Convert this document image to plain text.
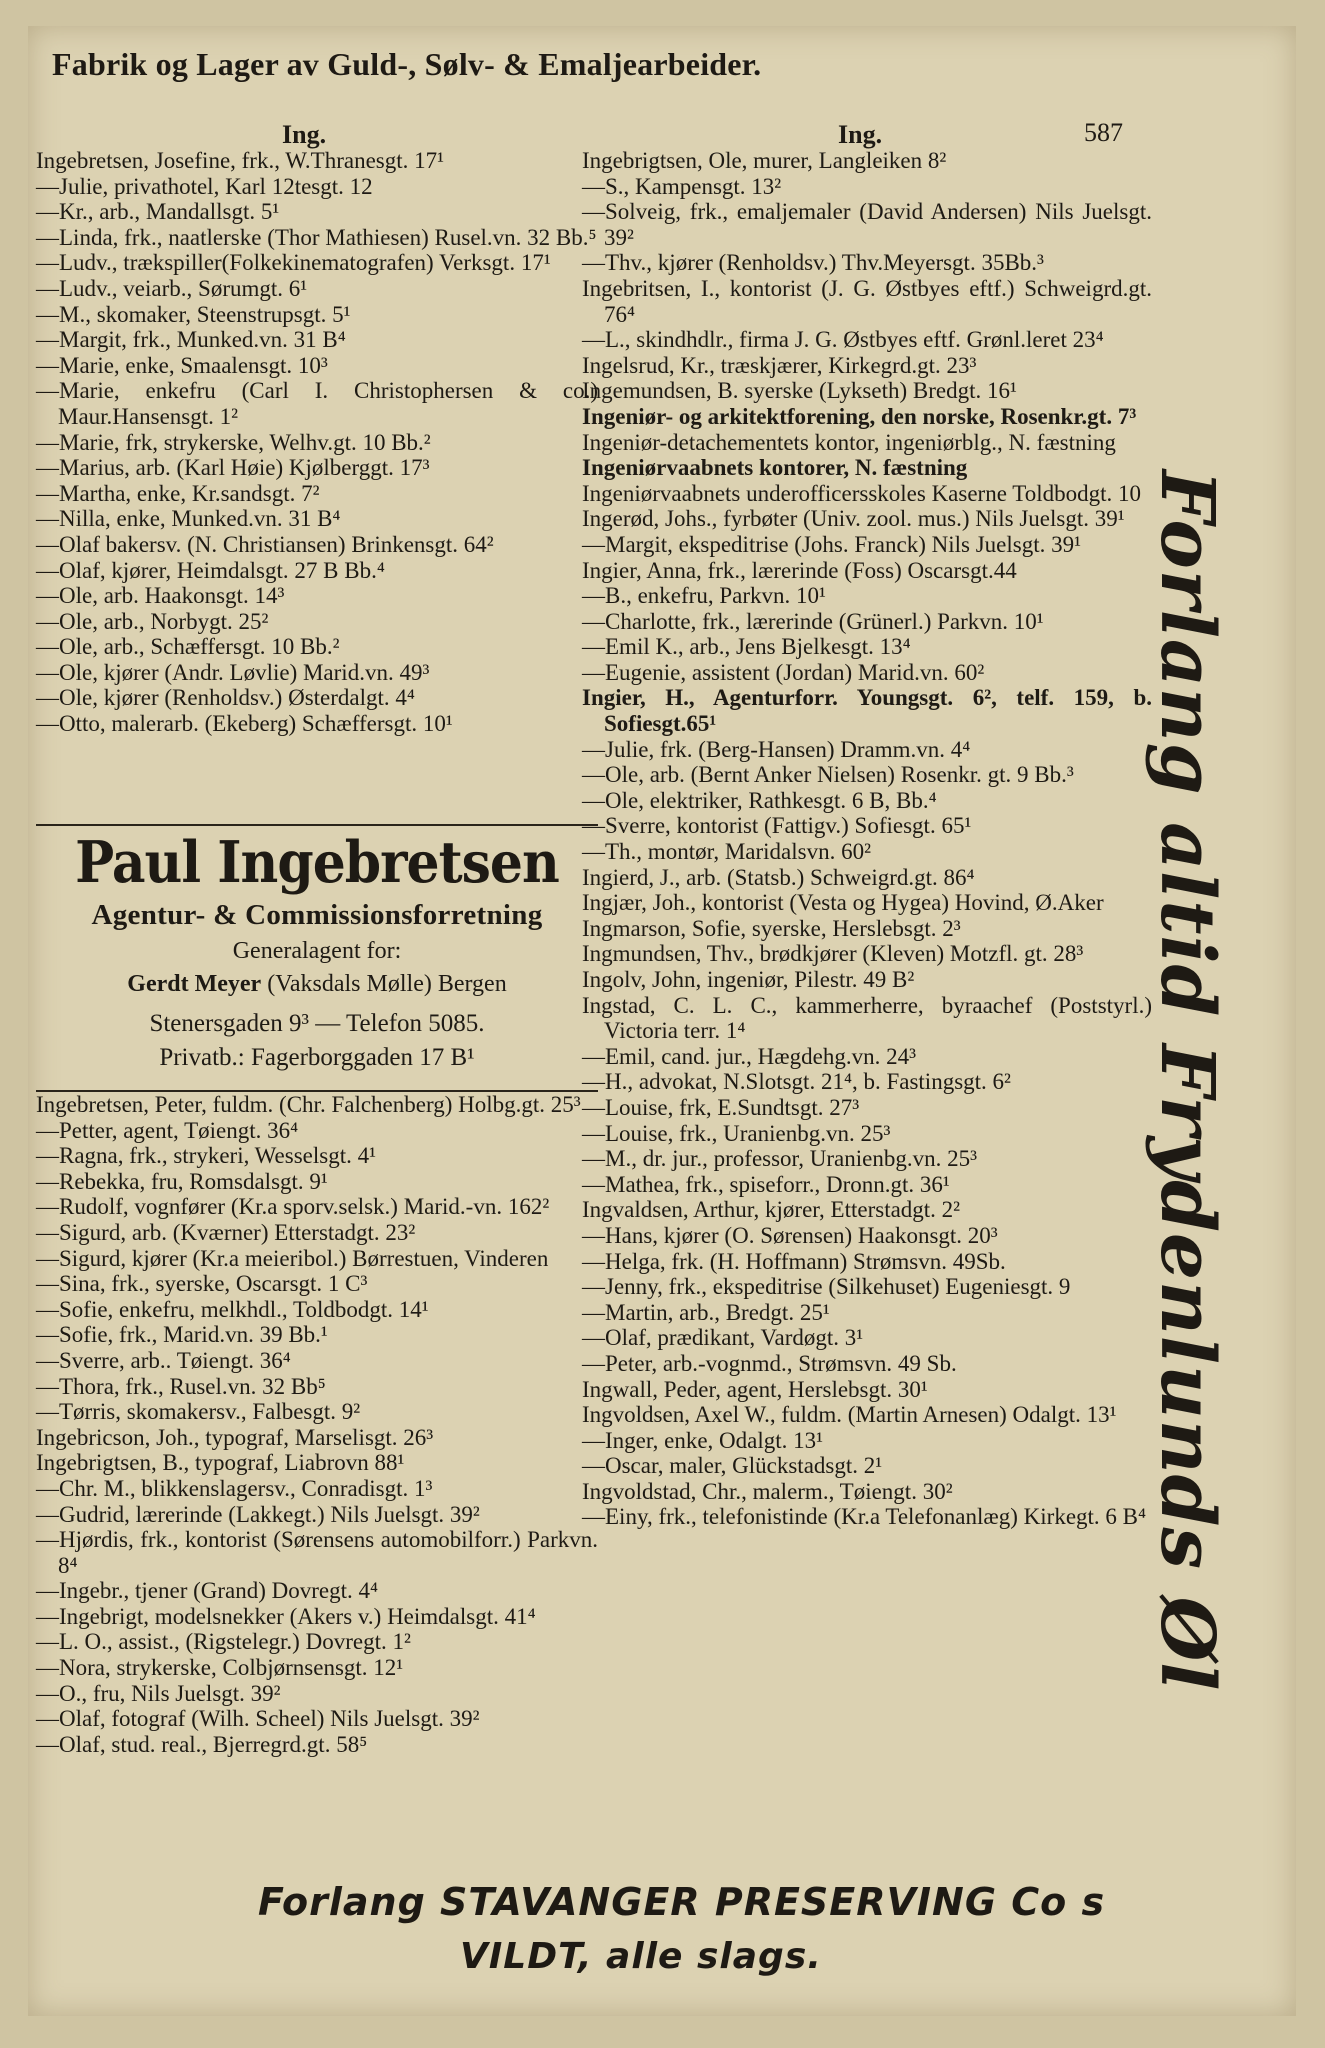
Fabrik og Lager av Guld-, Sølv- & Emaljearbeider.
Ing.	Ing.	587
Ingebretsen, Josefine, frk., W.Thranesgt. 17¹
—Julie, privathotel, Karl 12tesgt. 12
—Kr., arb., Mandallsgt. 5¹
—Linda, frk., naatlerske (Thor Mathiesen) Rusel.vn. 32 Bb.⁵
—Ludv., trækspiller(Folkekinematografen) Verksgt. 17¹
—Ludv., veiarb., Sørumgt. 6¹
—M., skomaker, Steenstrupsgt. 5¹
—Margit, frk., Munked.vn. 31 B⁴
—Marie, enke, Smaalensgt. 10³
—Marie, enkefru (Carl I. Christophersen & co.) Maur.Hansensgt. 1²
—Marie, frk, strykerske, Welhv.gt. 10 Bb.²
—Marius, arb. (Karl Høie) Kjølberggt. 17³
—Martha, enke, Kr.sandsgt. 7²
—Nilla, enke, Munked.vn. 31 B⁴
—Olaf bakersv. (N. Christiansen) Brinkensgt. 64²
—Olaf, kjører, Heimdalsgt. 27 B Bb.⁴
—Ole, arb. Haakonsgt. 14³
—Ole, arb., Norbygt. 25²
—Ole, arb., Schæffersgt. 10 Bb.²
—Ole, kjører (Andr. Løvlie) Marid.vn. 49³
—Ole, kjører (Renholdsv.) Østerdalgt. 4⁴
—Otto, malerarb. (Ekeberg) Schæffersgt. 10¹
Paul Ingebretsen
Agentur- & Commissionsforretning
Generalagent for:
Gerdt Meyer (Vaksdals Mølle) Bergen
Stenersgaden 9³ — Telefon 5085.
Privatb.: Fagerborggaden 17 B¹
Ingebretsen, Peter, fuldm. (Chr. Falchenberg) Holbg.gt. 25³
—Petter, agent, Tøiengt. 36⁴
—Ragna, frk., strykeri, Wesselsgt. 4¹
—Rebekka, fru, Romsdalsgt. 9¹
—Rudolf, vognfører (Kr.a sporv.selsk.) Marid.-vn. 162²
—Sigurd, arb. (Kværner) Etterstadgt. 23²
—Sigurd, kjører (Kr.a meieribol.) Børrestuen, Vinderen
—Sina, frk., syerske, Oscarsgt. 1 C³
—Sofie, enkefru, melkhdl., Toldbodgt. 14¹
—Sofie, frk., Marid.vn. 39 Bb.¹
—Sverre, arb.. Tøiengt. 36⁴
—Thora, frk., Rusel.vn. 32 Bb⁵
—Tørris, skomakersv., Falbesgt. 9²
Ingebricson, Joh., typograf, Marselisgt. 26³
Ingebrigtsen, B., typograf, Liabrovn 88¹
—Chr. M., blikkenslagersv., Conradisgt. 1³
—Gudrid, lærerinde (Lakkegt.) Nils Juelsgt. 39²
—Hjørdis, frk., kontorist (Sørensens automobilforr.) Parkvn. 8⁴
—Ingebr., tjener (Grand) Dovregt. 4⁴
—Ingebrigt, modelsnekker (Akers v.) Heimdalsgt. 41⁴
—L. O., assist., (Rigstelegr.) Dovregt. 1²
—Nora, strykerske, Colbjørnsensgt. 12¹
—O., fru, Nils Juelsgt. 39²
—Olaf, fotograf (Wilh. Scheel) Nils Juelsgt. 39²
—Olaf, stud. real., Bjerregrd.gt. 58⁵
Ingebrigtsen, Ole, murer, Langleiken 8²
—S., Kampensgt. 13²
—Solveig, frk., emaljemaler (David Andersen) Nils Juelsgt. 39²
—Thv., kjører (Renholdsv.) Thv.Meyersgt. 35Bb.³
Ingebritsen, I., kontorist (J. G. Østbyes eftf.) Schweigrd.gt. 76⁴
—L., skindhdlr., firma J. G. Østbyes eftf. Grønl.leret 23⁴
Ingelsrud, Kr., træskjærer, Kirkegrd.gt. 23³
Ingemundsen, B. syerske (Lykseth) Bredgt. 16¹
Ingeniør- og arkitektforening, den norske, Rosenkr.gt. 7³
Ingeniør-detachementets kontor, ingeniørblg., N. fæstning
Ingeniørvaabnets kontorer, N. fæstning
Ingeniørvaabnets underofficersskoles Kaserne Toldbodgt. 10
Ingerød, Johs., fyrbøter (Univ. zool. mus.) Nils Juelsgt. 39¹
—Margit, ekspeditrise (Johs. Franck) Nils Juelsgt. 39¹
Ingier, Anna, frk., lærerinde (Foss) Oscarsgt.44
—B., enkefru, Parkvn. 10¹
—Charlotte, frk., lærerinde (Grünerl.) Parkvn. 10¹
—Emil K., arb., Jens Bjelkesgt. 13⁴
—Eugenie, assistent (Jordan) Marid.vn. 60²
Ingier, H., Agenturforr. Youngsgt. 6², telf. 159, b. Sofiesgt.65¹
—Julie, frk. (Berg-Hansen) Dramm.vn. 4⁴
—Ole, arb. (Bernt Anker Nielsen) Rosenkr. gt. 9 Bb.³
—Ole, elektriker, Rathkesgt. 6 B, Bb.⁴
—Sverre, kontorist (Fattigv.) Sofiesgt. 65¹
—Th., montør, Maridalsvn. 60²
Ingierd, J., arb. (Statsb.) Schweigrd.gt. 86⁴
Ingjær, Joh., kontorist (Vesta og Hygea) Hovind, Ø.Aker
Ingmarson, Sofie, syerske, Herslebsgt. 2³
Ingmundsen, Thv., brødkjører (Kleven) Motzfl. gt. 28³
Ingolv, John, ingeniør, Pilestr. 49 B²
Ingstad, C. L. C., kammerherre, byraachef (Poststyrl.) Victoria terr. 1⁴
—Emil, cand. jur., Hægdehg.vn. 24³
—H., advokat, N.Slotsgt. 21⁴, b. Fastingsgt. 6²
—Louise, frk, E.Sundtsgt. 27³
—Louise, frk., Uranienbg.vn. 25³
—M., dr. jur., professor, Uranienbg.vn. 25³
—Mathea, frk., spiseforr., Dronn.gt. 36¹
Ingvaldsen, Arthur, kjører, Etterstadgt. 2²
—Hans, kjører (O. Sørensen) Haakonsgt. 20³
—Helga, frk. (H. Hoffmann) Strømsvn. 49Sb.
—Jenny, frk., ekspeditrise (Silkehuset) Eugeniesgt. 9
—Martin, arb., Bredgt. 25¹
—Olaf, prædikant, Vardøgt. 3¹
—Peter, arb.-vognmd., Strømsvn. 49 Sb.
Ingwall, Peder, agent, Herslebsgt. 30¹
Ingvoldsen, Axel W., fuldm. (Martin Arnesen) Odalgt. 13¹
—Inger, enke, Odalgt. 13¹
—Oscar, maler, Glückstadsgt. 2¹
Ingvoldstad, Chr., malerm., Tøiengt. 30²
—Einy, frk., telefonistinde (Kr.a Telefonanlæg) Kirkegt. 6 B⁴
Forlang altid Frydenlunds Øl
Forlang STAVANGER PRESERVING Co s
VILDT, alle slags.
